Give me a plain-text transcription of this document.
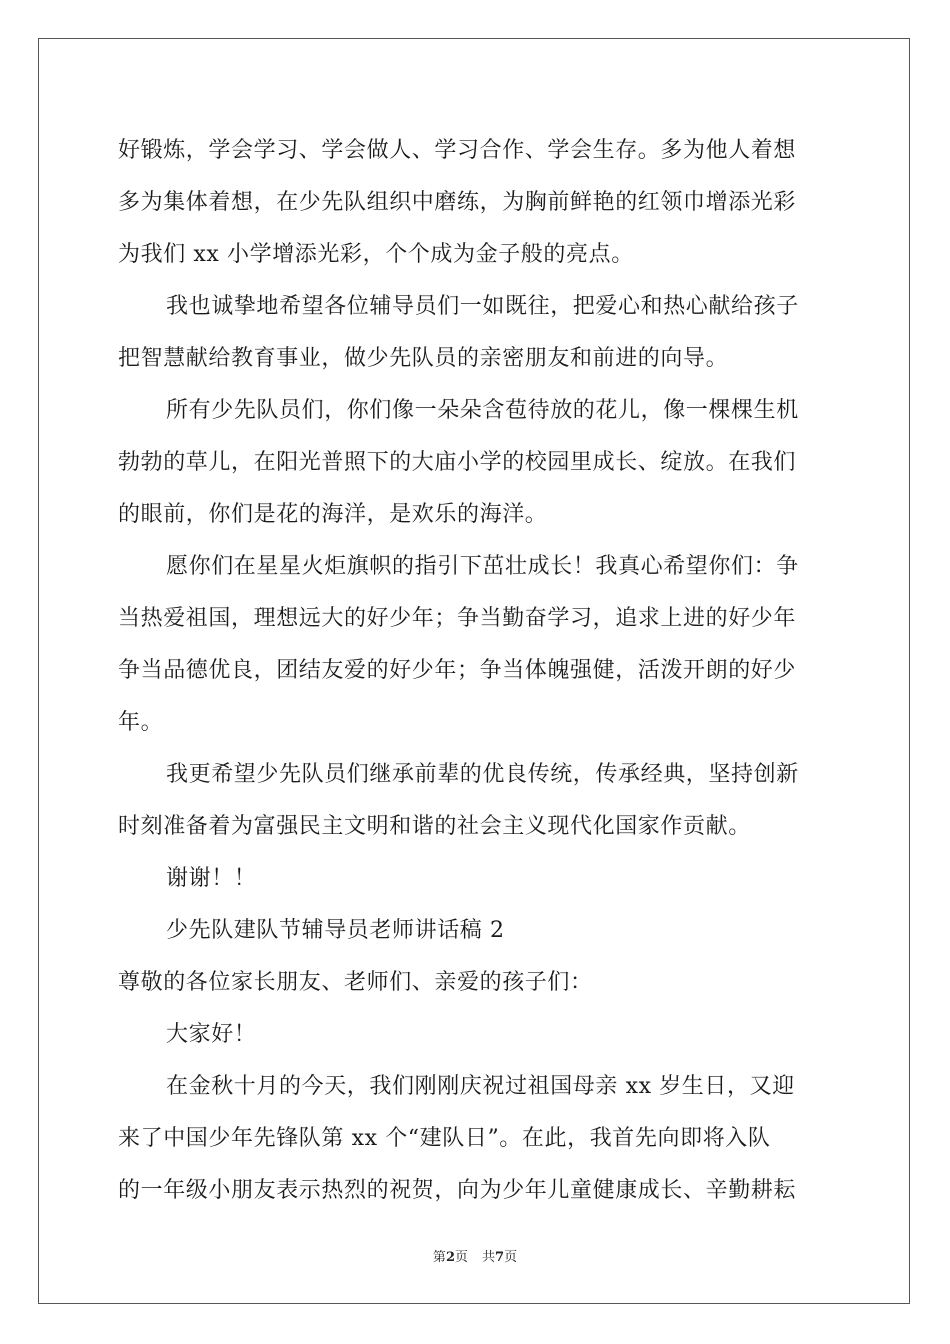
好锻炼，学会学习、学会做人、学习合作、学会生存。多为他人着想
多为集体着想，在少先队组织中磨练，为胸前鲜艳的红领巾增添光彩
为我们 xx 小学增添光彩，个个成为金子般的亮点。
我也诚挚地希望各位辅导员们一如既往，把爱心和热心献给孩子
把智慧献给教育事业，做少先队员的亲密朋友和前进的向导。
所有少先队员们，你们像一朵朵含苞待放的花儿，像一棵棵生机
勃勃的草儿，在阳光普照下的大庙小学的校园里成长、绽放。在我们
的眼前，你们是花的海洋，是欢乐的海洋。
愿你们在星星火炬旗帜的指引下茁壮成长！我真心希望你们：争
当热爱祖国，理想远大的好少年；争当勤奋学习，追求上进的好少年
争当品德优良，团结友爱的好少年；争当体魄强健，活泼开朗的好少
年。
我更希望少先队员们继承前辈的优良传统，传承经典，坚持创新
时刻准备着为富强民主文明和谐的社会主义现代化国家作贡献。
谢谢！！
少先队建队节辅导员老师讲话稿 2
尊敬的各位家长朋友、老师们、亲爱的孩子们：
大家好！
在金秋十月的今天，我们刚刚庆祝过祖国母亲 xx 岁生日，又迎
来了中国少年先锋队第 xx 个“建队日”。在此，我首先向即将入队
的一年级小朋友表示热烈的祝贺，向为少年儿童健康成长、辛勤耕耘
第2页 共7页
